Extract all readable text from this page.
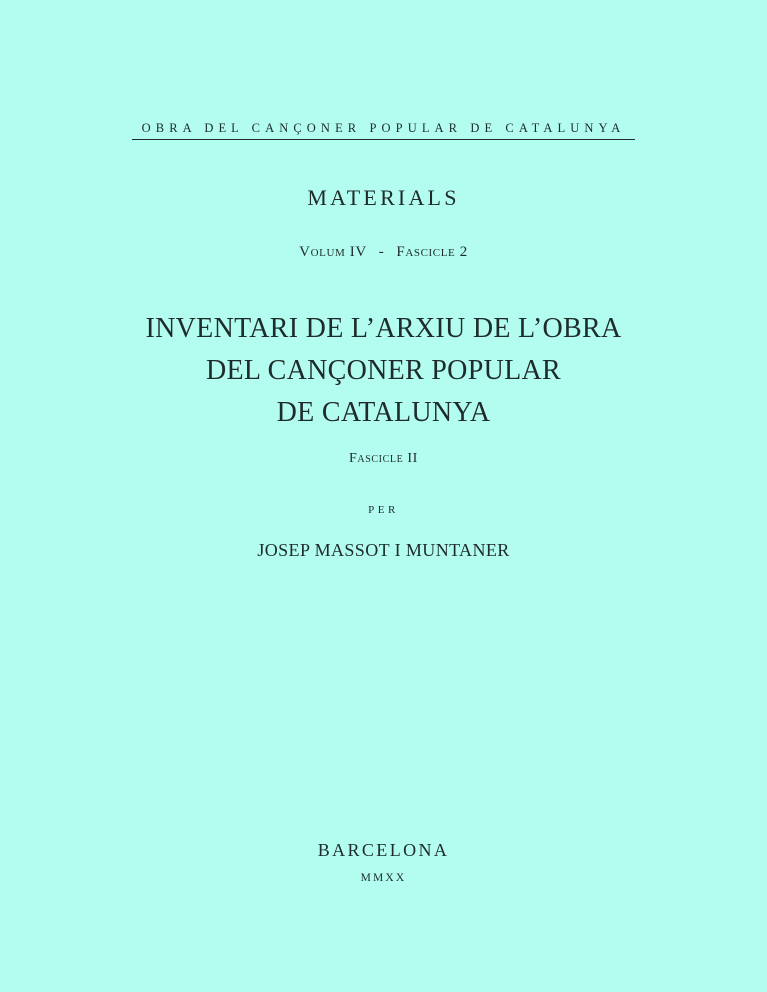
OBRA DEL CANÇONER POPULAR DE CATALUNYA
MATERIALS
Volum IV - Fascicle 2
INVENTARI DE L’ARXIU DE L’OBRA
DEL CANÇONER POPULAR
DE CATALUNYA
Fascicle II
PER
JOSEP MASSOT I MUNTANER
BARCELONA
MMXX
